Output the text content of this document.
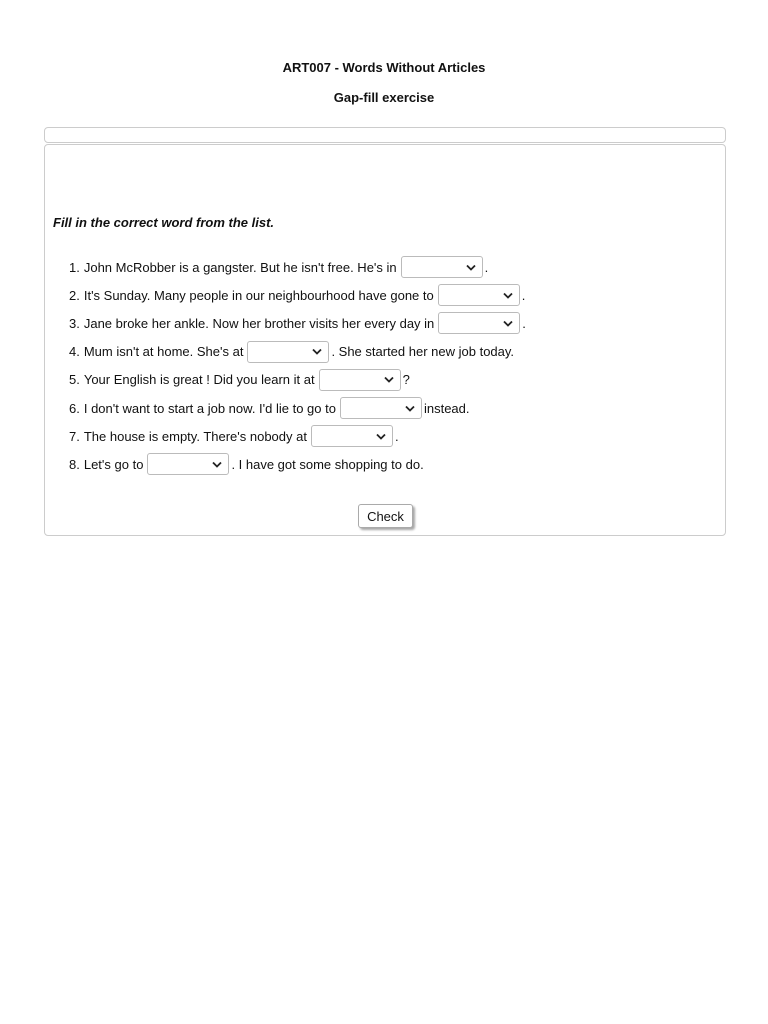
ART007 - Words Without Articles
Gap-fill exercise
Fill in the correct word from the list.
1. John McRobber is a gangster. But he isn't free. He's in	.
2. It's Sunday. Many people in our neighbourhood have gone to	.
3. Jane broke her ankle. Now her brother visits her every day in	.
4. Mum isn't at home. She's at	. She started her new job today.
5. Your English is great ! Did you learn it at	?
6. I don't want to start a job now. I'd lie to go to	instead.
7. The house is empty. There's nobody at	.
8. Let's go to	. I have got some shopping to do.
Check
